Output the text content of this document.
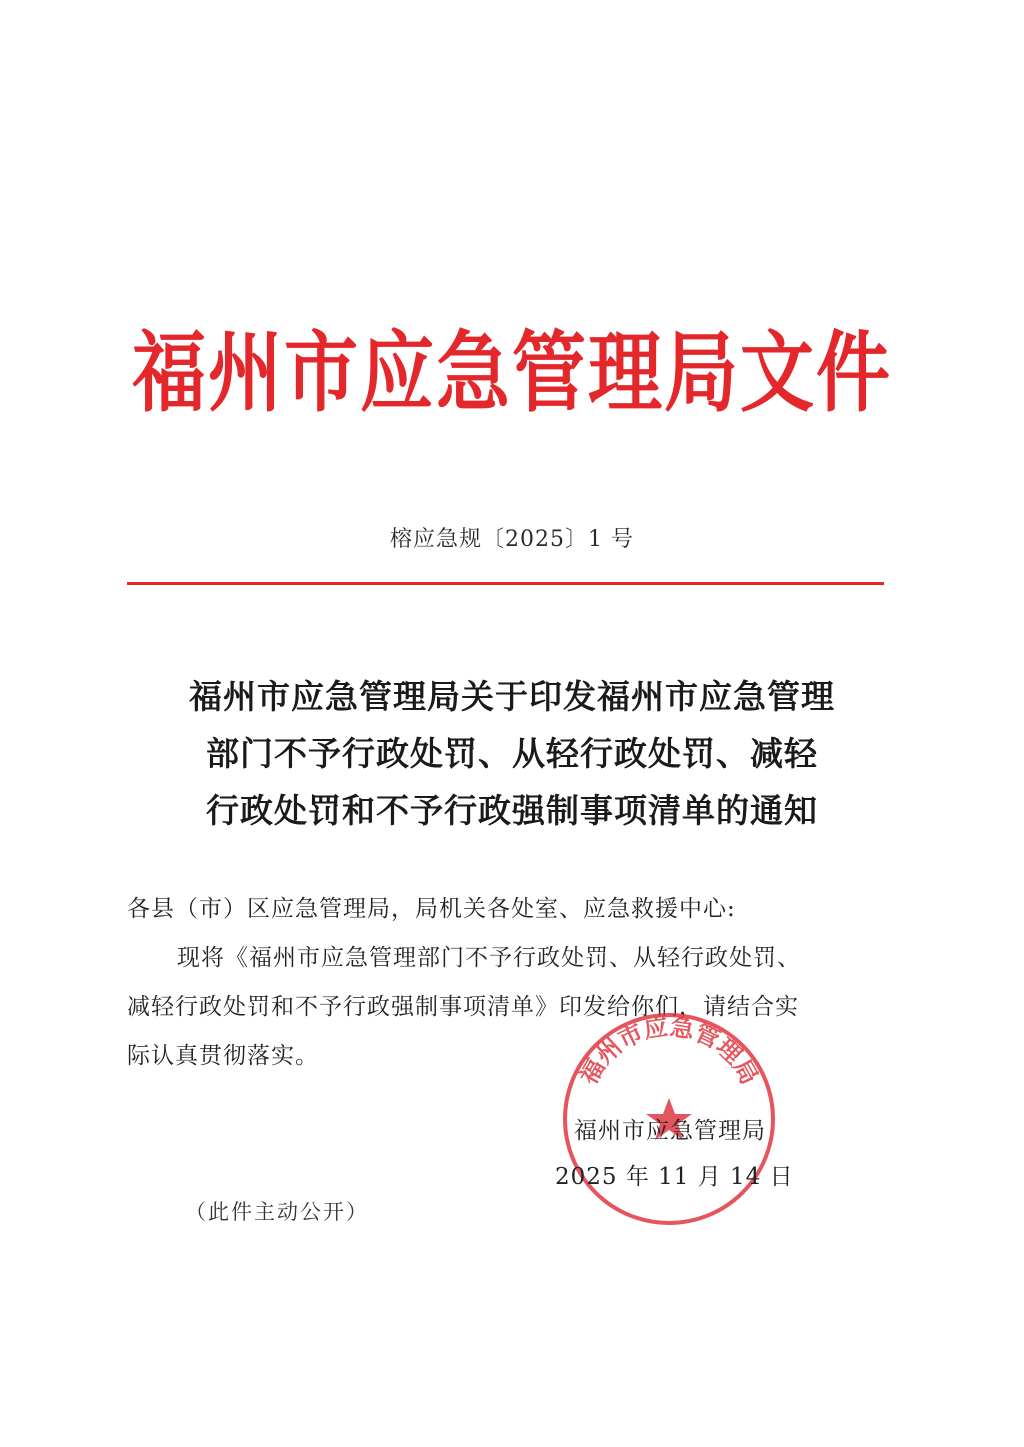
福州市应急管理局文件
榕应急规〔2025〕1 号
福州市应急管理局关于印发福州市应急管理
部门不予行政处罚、从轻行政处罚、减轻
行政处罚和不予行政强制事项清单的通知
各县（市）区应急管理局，局机关各处室、应急救援中心:
现将《福州市应急管理部门不予行政处罚、从轻行政处罚、
减轻行政处罚和不予行政强制事项清单》印发给你们，请结合实
际认真贯彻落实。	福州市应急管理局
福州市应急管理局
2025 年 11 月 14 日
（此件主动公开）
